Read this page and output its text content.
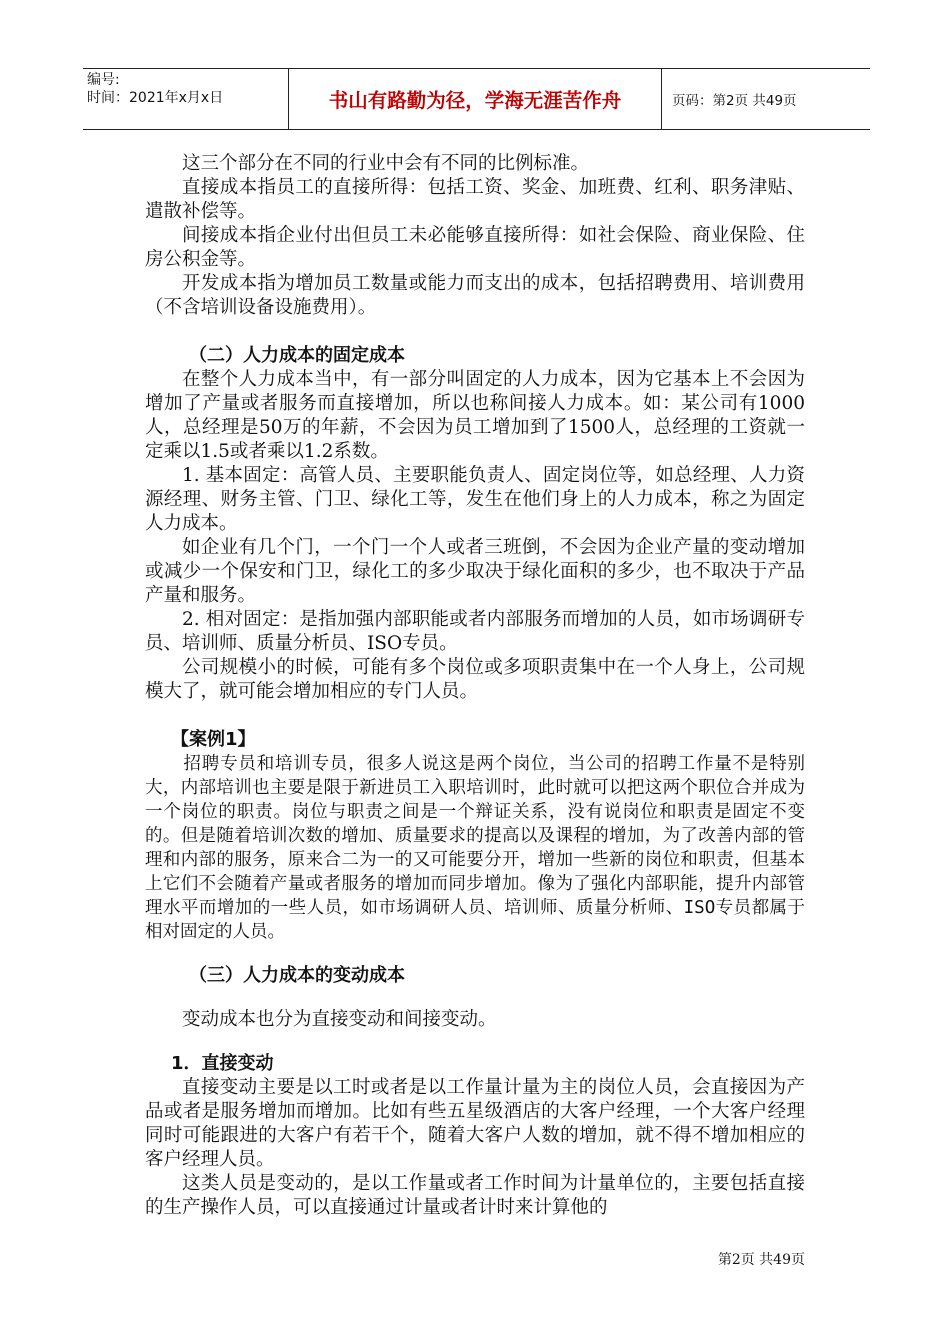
编号:
时间：2021年x月x日	书山有路勤为径，学海无涯苦作舟	页码：第2页 共49页

这三个部分在不同的行业中会有不同的比例标准。

直接成本指员工的直接所得：包括工资、奖金、加班费、红利、职务津贴、遣散补偿等。

间接成本指企业付出但员工未必能够直接所得：如社会保险、商业保险、住房公积金等。

开发成本指为增加员工数量或能力而支出的成本，包括招聘费用、培训费用（不含培训设备设施费用）。

（二）人力成本的固定成本

在整个人力成本当中，有一部分叫固定的人力成本，因为它基本上不会因为增加了产量或者服务而直接增加，所以也称间接人力成本。如：某公司有1000人，总经理是50万的年薪，不会因为员工增加到了1500人，总经理的工资就一定乘以1.5或者乘以1.2系数。

1. 基本固定：高管人员、主要职能负责人、固定岗位等，如总经理、人力资源经理、财务主管、门卫、绿化工等，发生在他们身上的人力成本，称之为固定人力成本。

如企业有几个门，一个门一个人或者三班倒，不会因为企业产量的变动增加或减少一个保安和门卫，绿化工的多少取决于绿化面积的多少，也不取决于产品产量和服务。

2. 相对固定：是指加强内部职能或者内部服务而增加的人员，如市场调研专员、培训师、质量分析员、ISO专员。

公司规模小的时候，可能有多个岗位或多项职责集中在一个人身上，公司规模大了，就可能会增加相应的专门人员。

【案例1】

招聘专员和培训专员，很多人说这是两个岗位，当公司的招聘工作量不是特别大，内部培训也主要是限于新进员工入职培训时，此时就可以把这两个职位合并成为一个岗位的职责。岗位与职责之间是一个辩证关系，没有说岗位和职责是固定不变的。但是随着培训次数的增加、质量要求的提高以及课程的增加，为了改善内部的管理和内部的服务，原来合二为一的又可能要分开，增加一些新的岗位和职责，但基本上它们不会随着产量或者服务的增加而同步增加。像为了强化内部职能，提升内部管理水平而增加的一些人员，如市场调研人员、培训师、质量分析师、ISO专员都属于相对固定的人员。

（三）人力成本的变动成本

变动成本也分为直接变动和间接变动。

1．直接变动

直接变动主要是以工时或者是以工作量计量为主的岗位人员，会直接因为产品或者是服务增加而增加。比如有些五星级酒店的大客户经理，一个大客户经理同时可能跟进的大客户有若干个，随着大客户人数的增加，就不得不增加相应的客户经理人员。

这类人员是变动的，是以工作量或者工作时间为计量单位的，主要包括直接的生产操作人员，可以直接通过计量或者计时来计算他的

第2页 共49页
